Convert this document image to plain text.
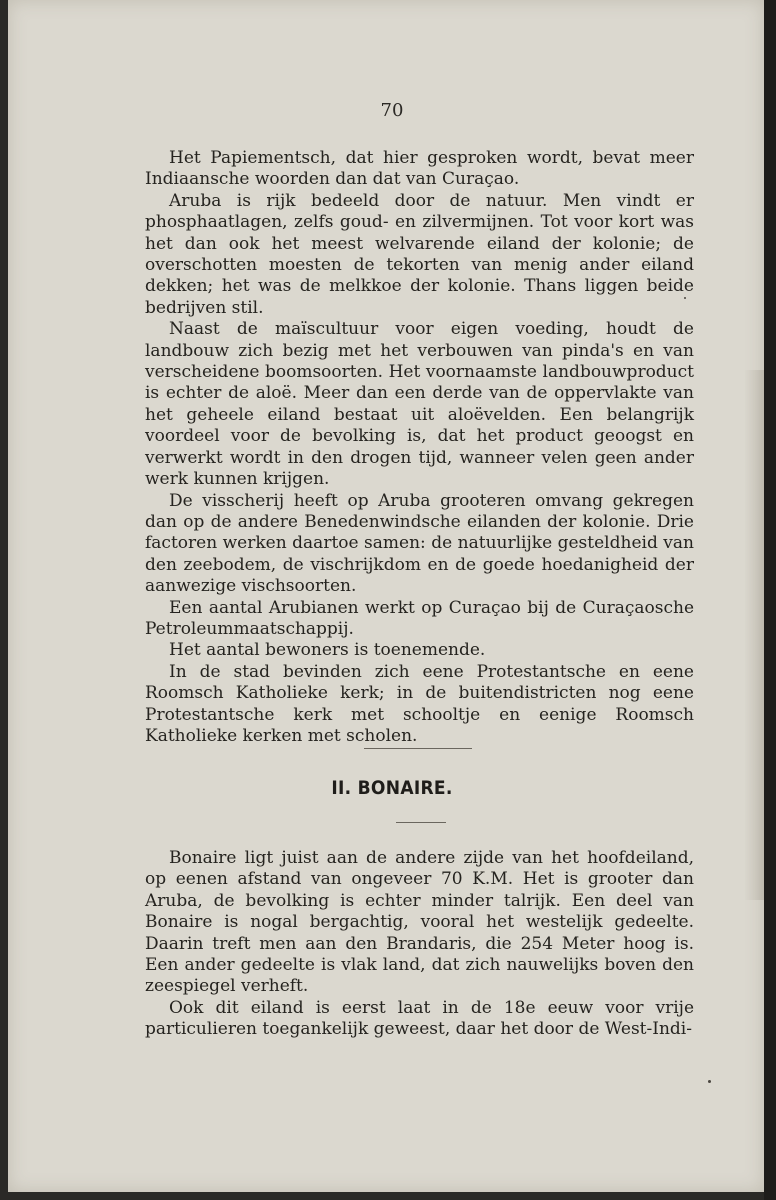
70

Het Papiementsch, dat hier gesproken wordt, bevat meer Indiaansche woorden dan dat van Curaçao.

Aruba is rijk bedeeld door de natuur. Men vindt er phosphaatlagen, zelfs goud- en zilvermijnen. Tot voor kort was het dan ook het meest welvarende eiland der kolonie; de overschotten moesten de tekorten van menig ander eiland dekken; het was de melkkoe der kolonie. Thans liggen beide bedrijven stil.

Naast de maïscultuur voor eigen voeding, houdt de landbouw zich bezig met het verbouwen van pinda's en van verscheidene boomsoorten. Het voornaamste landbouwproduct is echter de aloë. Meer dan een derde van de oppervlakte van het geheele eiland bestaat uit aloëvelden. Een belangrijk voordeel voor de bevolking is, dat het product geoogst en verwerkt wordt in den drogen tijd, wanneer velen geen ander werk kunnen krijgen.

De visscherij heeft op Aruba grooteren omvang gekregen dan op de andere Benedenwindsche eilanden der kolonie. Drie factoren werken daartoe samen: de natuurlijke gesteldheid van den zeebodem, de vischrijkdom en de goede hoedanigheid der aanwezige vischsoorten.

Een aantal Arubianen werkt op Curaçao bij de Curaçaosche Petroleummaatschappij.

Het aantal bewoners is toenemende.

In de stad bevinden zich eene Protestantsche en eene Roomsch Katholieke kerk; in de buitendistricten nog eene Protestantsche kerk met schooltje en eenige Roomsch Katholieke kerken met scholen.

II. BONAIRE.

Bonaire ligt juist aan de andere zijde van het hoofdeiland, op eenen afstand van ongeveer 70 K.M. Het is grooter dan Aruba, de bevolking is echter minder talrijk. Een deel van Bonaire is nogal bergachtig, vooral het westelijk gedeelte. Daarin treft men aan den Brandaris, die 254 Meter hoog is. Een ander gedeelte is vlak land, dat zich nauwelijks boven den zeespiegel verheft.

Ook dit eiland is eerst laat in de 18e eeuw voor vrije particulieren toegankelijk geweest, daar het door de West-Indi-
